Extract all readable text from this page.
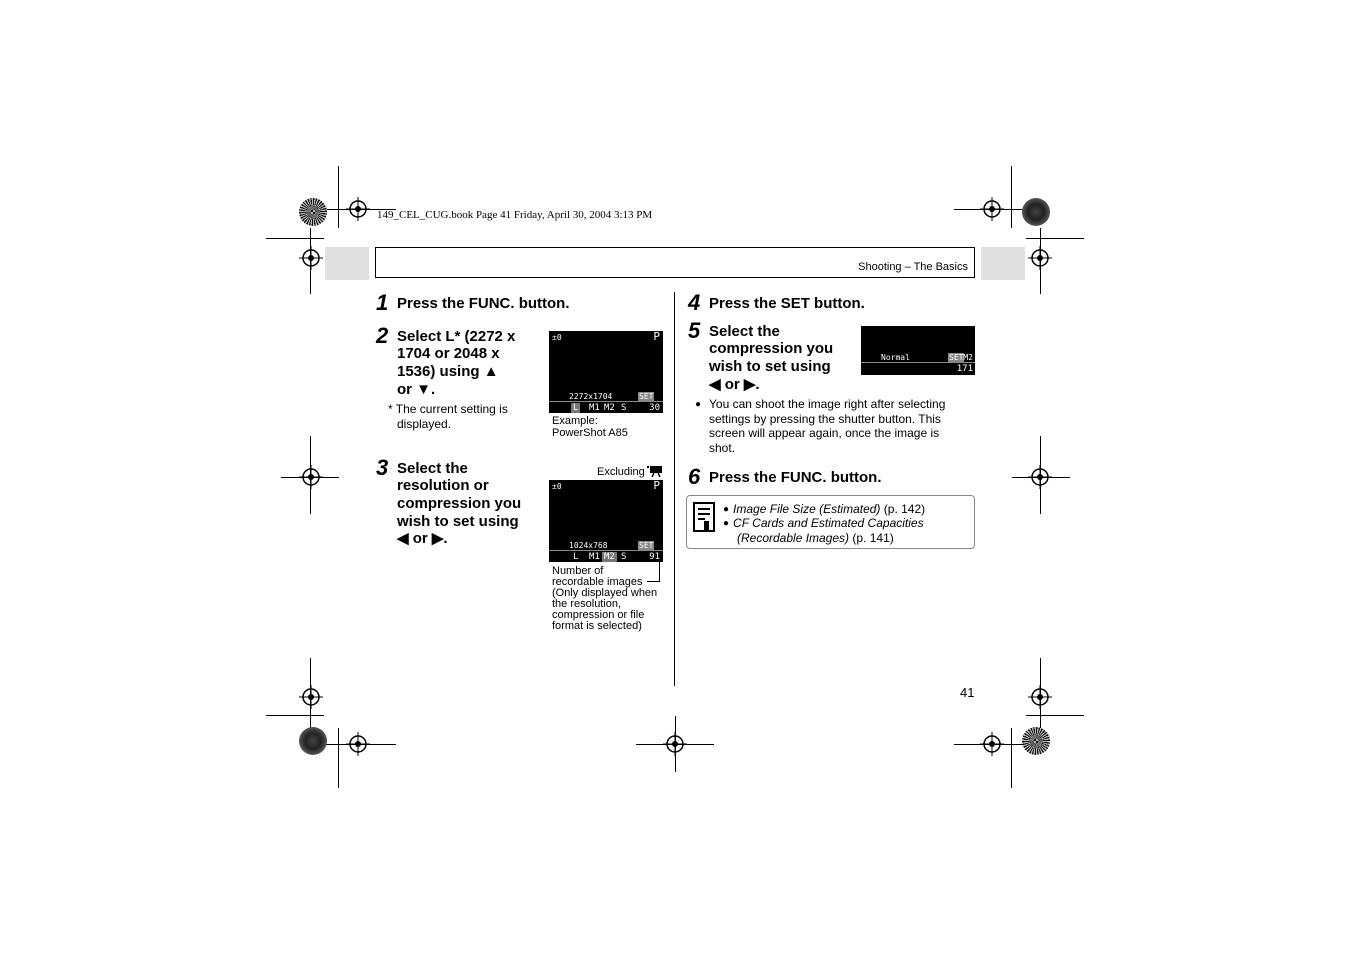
149_CEL_CUG.book Page 41 Friday, April 30, 2004 3:13 PM
Shooting – The Basics
1 Press the FUNC. button.
2 Select L* (2272 x
1704 or 2048 x
1536) using ▲
or ▼.
* The current setting is
displayed.
±0	P
2272x1704	SET
L M1 M2 S	30
Example:
PowerShot A85
3 Select the
resolution or
compression you
wish to set using
◀ or ▶.
Excluding
±0	P
1024x768	SET
L M1 M2 S	91
Number of
recordable images
(Only displayed when
the resolution,
compression or file
format is selected)
4 Press the SET button.
5 Select the
compression you
wish to set using
◀ or ▶.
Normal	SET M2
171
● You can shoot the image right after selecting
settings by pressing the shutter button. This
screen will appear again, once the image is
shot.
6 Press the FUNC. button.
● Image File Size (Estimated) (p. 142)
● CF Cards and Estimated Capacities
(Recordable Images) (p. 141)
41
